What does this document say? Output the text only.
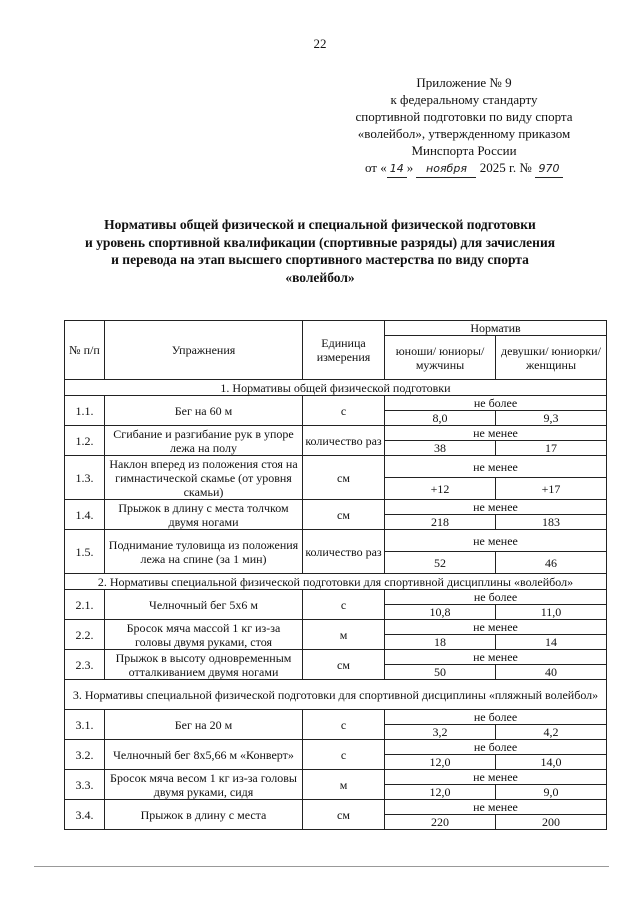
22
Приложение № 9
к федеральному стандарту
спортивной подготовки по виду спорта
«волейбол», утвержденному приказом
Минспорта России
от « 14 » ноября 2025 г. № 970
Нормативы общей физической и специальной физической подготовки
и уровень спортивной квалификации (спортивные разряды) для зачисления
и перевода на этап высшего спортивного мастерства по виду спорта
«волейбол»
№ п/п	Упражнения	Единица измерения	Норматив	
			юноши/ юниоры/ мужчины	девушки/ юниорки/ женщины
1. Нормативы общей физической подготовки				
1.1.	Бег на 60 м	с	не более	
			8,0	9,3
1.2.	Сгибание и разгибание рук в упоре лежа на полу	количество раз	не менее	
			38	17
1.3.	Наклон вперед из положения стоя на гимнастической скамье (от уровня скамьи)	см	не менее	
			+12	+17
1.4.	Прыжок в длину с места толчком двумя ногами	см	не менее	
			218	183
1.5.	Поднимание туловища из положения лежа на спине (за 1 мин)	количество раз	не менее	
			52	46
2. Нормативы специальной физической подготовки для спортивной дисциплины «волейбол»				
2.1.	Челночный бег 5х6 м	с	не более	
			10,8	11,0
2.2.	Бросок мяча массой 1 кг из-за головы двумя руками, стоя	м	не менее	
			18	14
2.3.	Прыжок в высоту одновременным отталкиванием двумя ногами	см	не менее	
			50	40
3. Нормативы специальной физической подготовки для спортивной дисциплины «пляжный волейбол»				
3.1.	Бег на 20 м	с	не более	
			3,2	4,2
3.2.	Челночный бег 8х5,66 м «Конверт»	с	не более	
			12,0	14,0
3.3.	Бросок мяча весом 1 кг из-за головы двумя руками, сидя	м	не менее	
			12,0	9,0
3.4.	Прыжок в длину с места	см	не менее	
			220	200
